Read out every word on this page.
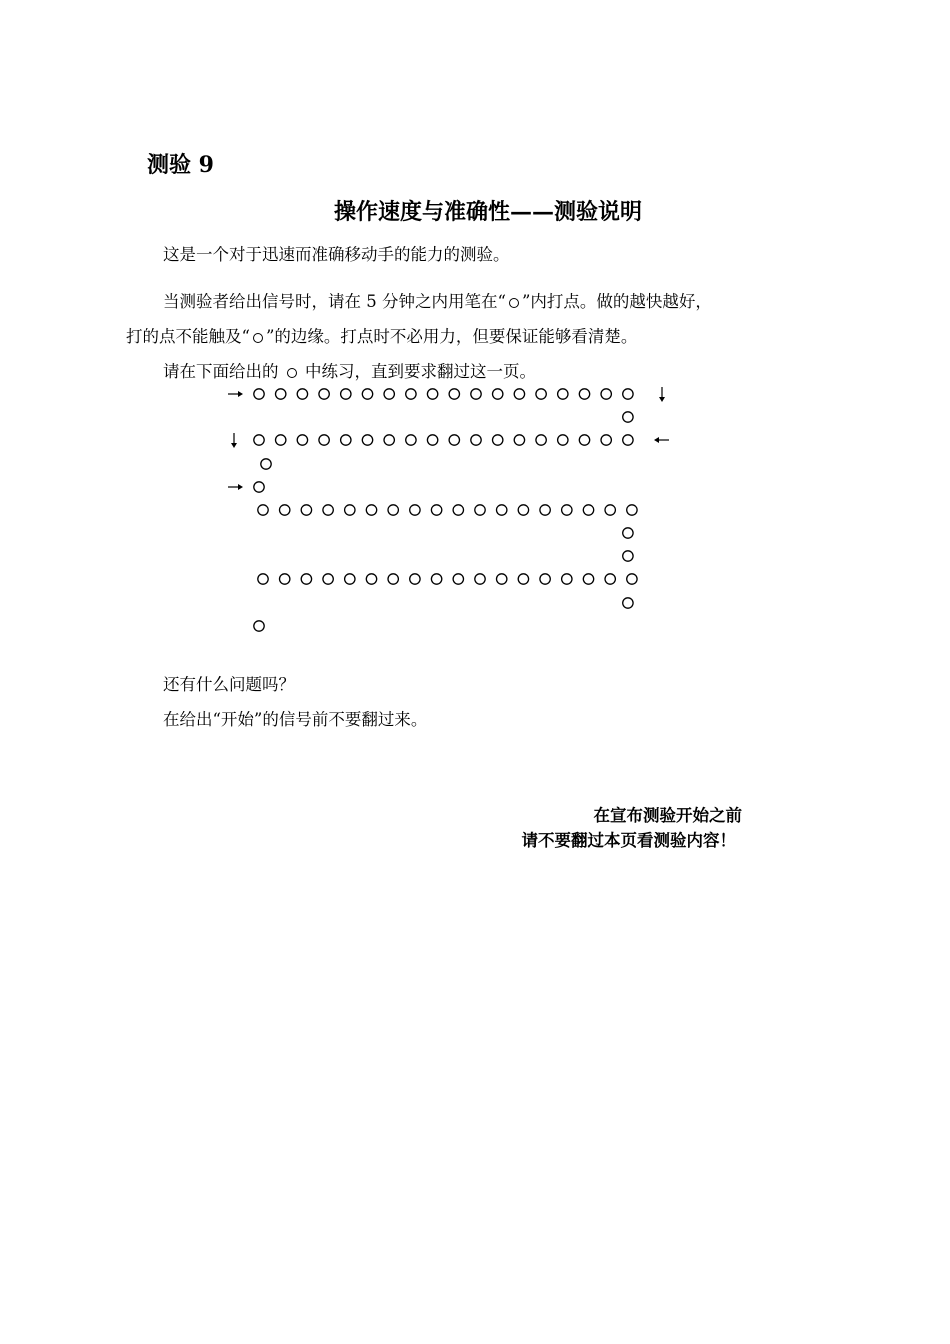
测验 9
操作速度与准确性——测验说明
这是一个对于迅速而准确移动手的能力的测验。
当测验者给出信号时，请在 5 分钟之内用笔在“ ”内打点。做的越快越好，
打的点不能触及“ ”的边缘。打点时不必用力，但要保证能够看清楚。
请在下面给出的  中练习，直到要求翻过这一页。
还有什么问题吗？
在给出“开始”的信号前不要翻过来。
在宣布测验开始之前
请不要翻过本页看测验内容！
